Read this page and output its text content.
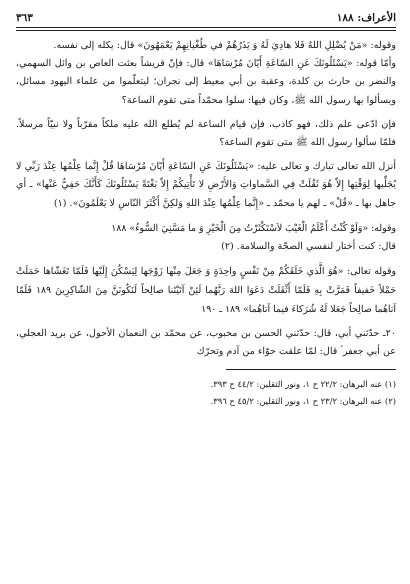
الأعراف: ١٨٨
٣٦٣

وقوله: «مَنْ يُضْلِلِ اللهُ فَلا هادِيَ لَهُ وَ يَذَرُهُمْ في طُغْيانِهِمْ يَعْمَهُونَ» قال: يكله إلى نفسه.

وأمّا قوله: «يَسْئَلُونَكَ عَنِ السّاعَةِ أَيّانَ مُرْسَاهَا» قال: فإنّ قريشاً بعثت العاص بن وائل السهمي، والنضر بن حارث بن كلدة، وعقبة بن أبي معيط إلى نجران؛ ليتعلّموا من علماء اليهود مسائل، ويسألوا بها رسول الله ﷺ، وكان فيها: سلوا محمّداً متى تقوم الساعة؟

فإن ادّعى علم ذلك، فهو كاذب، فإن قيام الساعة لم يُطلع الله عليه ملكاً مقرّباً ولا نبيّاً مرسلاً. فلمّا سألوا رسول الله ﷺ متى تقوم الساعة؟

أنزل الله تعالى تبارك و تعالى عليه: «يَسْئَلُونَكَ عَنِ السّاعَةِ أَيّانَ مُرْسَاهَا قُلْ إِنَّما عِلْمُها عِنْدَ رَبِّي لا يُجَلِّيها لِوَقْتِها إِلاّ هُوَ ثَقُلَتْ فِي السَّماواتِ وَالأَرْضِ لا تَأْتِيكُمْ إِلاّ بَغْتَةً يَسْئَلُونَكَ كَأَنَّكَ حَفِيٌّ عَنْها» ـ أي جاهل بها ـ «قُلْ» ـ لهم يا محمّد ـ «إِنَّما عِلْمُها عِنْدَ اللهِ وَلكِنَّ أَكْثَرَ النّاسِ لا يَعْلَمُونَ». (١)

وقوله: «وَلَوْ كُنْتُ أَعْلَمُ الْغَيْبَ لاَسْتَكْثَرْتُ مِنَ الْخَيْرِ وَ ما مَسَّنِيَ السُّوءُ» ١٨٨

قال: كنت أختار لنفسي الصحّة والسلامة. (٢)

وقوله تعالى: «هُوَ الَّذي خَلَقَكُمْ مِنْ نَفْسٍ واحِدَةٍ وَ جَعَلَ مِنْها زَوْجَها لِيَسْكُنَ إِلَيْها فَلَمّا تَغَشّاها حَمَلَتْ حَمْلاً خَفيفاً فَمَرَّتْ بِهِ فَلَمّا أَثْقَلَتْ دَعَوَا اللهَ رَبَّهُما لَئِنْ آتَيْتَنا صالِحاً لَنَكُونَنَّ مِنَ الشّاكِرِينَ ١٨٩ فَلَمّا آتاهُما صالِحاً جَعَلا لَهُ شُرَكاءَ فيما آتاهُما» ١٨٩ ـ ١٩٠

٢٠ـ حدّثني أبي، قال: حدّثني الحسن بن محبوب، عن محمّد بن النعمان الأحول، عن بريد العجلي، عن أبي جعفر ؑ قال: لمّا علقت حوّاء من آدم وتحرّك

(١) عنه البرهان: ٢٢/٢ ح ١، ونور الثقلين: ٤٤/٢ ح ٣٩٣.

(٢) عنه البرهان: ٢٣/٢ ح ١، ونور الثقلين: ٤٥/٢ ح ٣٩٦.
